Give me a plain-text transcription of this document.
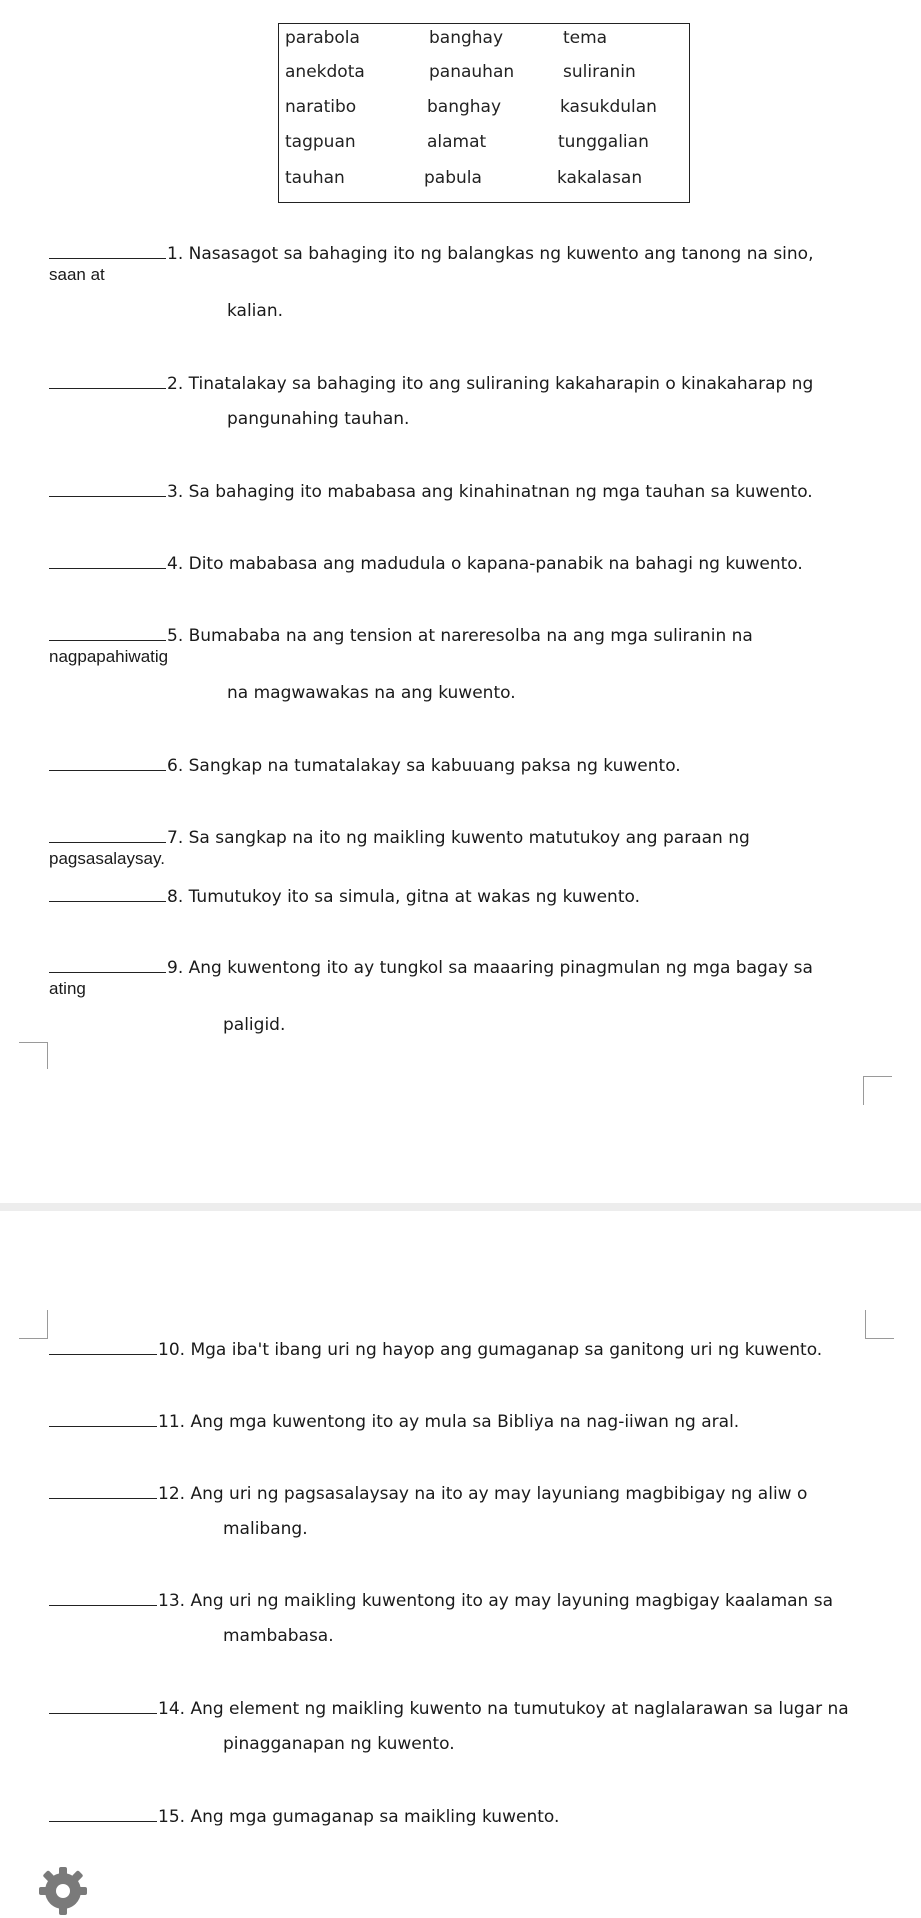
parabola	banghay	tema
anekdota	panauhan	suliranin
naratibo	banghay	kasukdulan
tagpuan	alamat	tunggalian
tauhan	pabula	kakalasan
1. Nasasagot sa bahaging ito ng balangkas ng kuwento ang tanong na sino,
saan at
kalian.
2. Tinatalakay sa bahaging ito ang suliraning kakaharapin o kinakaharap ng
pangunahing tauhan.
3. Sa bahaging ito mababasa ang kinahinatnan ng mga tauhan sa kuwento.
4. Dito mababasa ang madudula o kapana-panabik na bahagi ng kuwento.
5. Bumababa na ang tension at nareresolba na ang mga suliranin na
nagpapahiwatig
na magwawakas na ang kuwento.
6. Sangkap na tumatalakay sa kabuuang paksa ng kuwento.
7. Sa sangkap na ito ng maikling kuwento matutukoy ang paraan ng
pagsasalaysay.
8. Tumutukoy ito sa simula, gitna at wakas ng kuwento.
9. Ang kuwentong ito ay tungkol sa maaaring pinagmulan ng mga bagay sa
ating
paligid.
10. Mga iba't ibang uri ng hayop ang gumaganap sa ganitong uri ng kuwento.
11. Ang mga kuwentong ito ay mula sa Bibliya na nag-iiwan ng aral.
12. Ang uri ng pagsasalaysay na ito ay may layuniang magbibigay ng aliw o
malibang.
13. Ang uri ng maikling kuwentong ito ay may layuning magbigay kaalaman sa
mambabasa.
14. Ang element ng maikling kuwento na tumutukoy at naglalarawan sa lugar na
pinagganapan ng kuwento.
15. Ang mga gumaganap sa maikling kuwento.
